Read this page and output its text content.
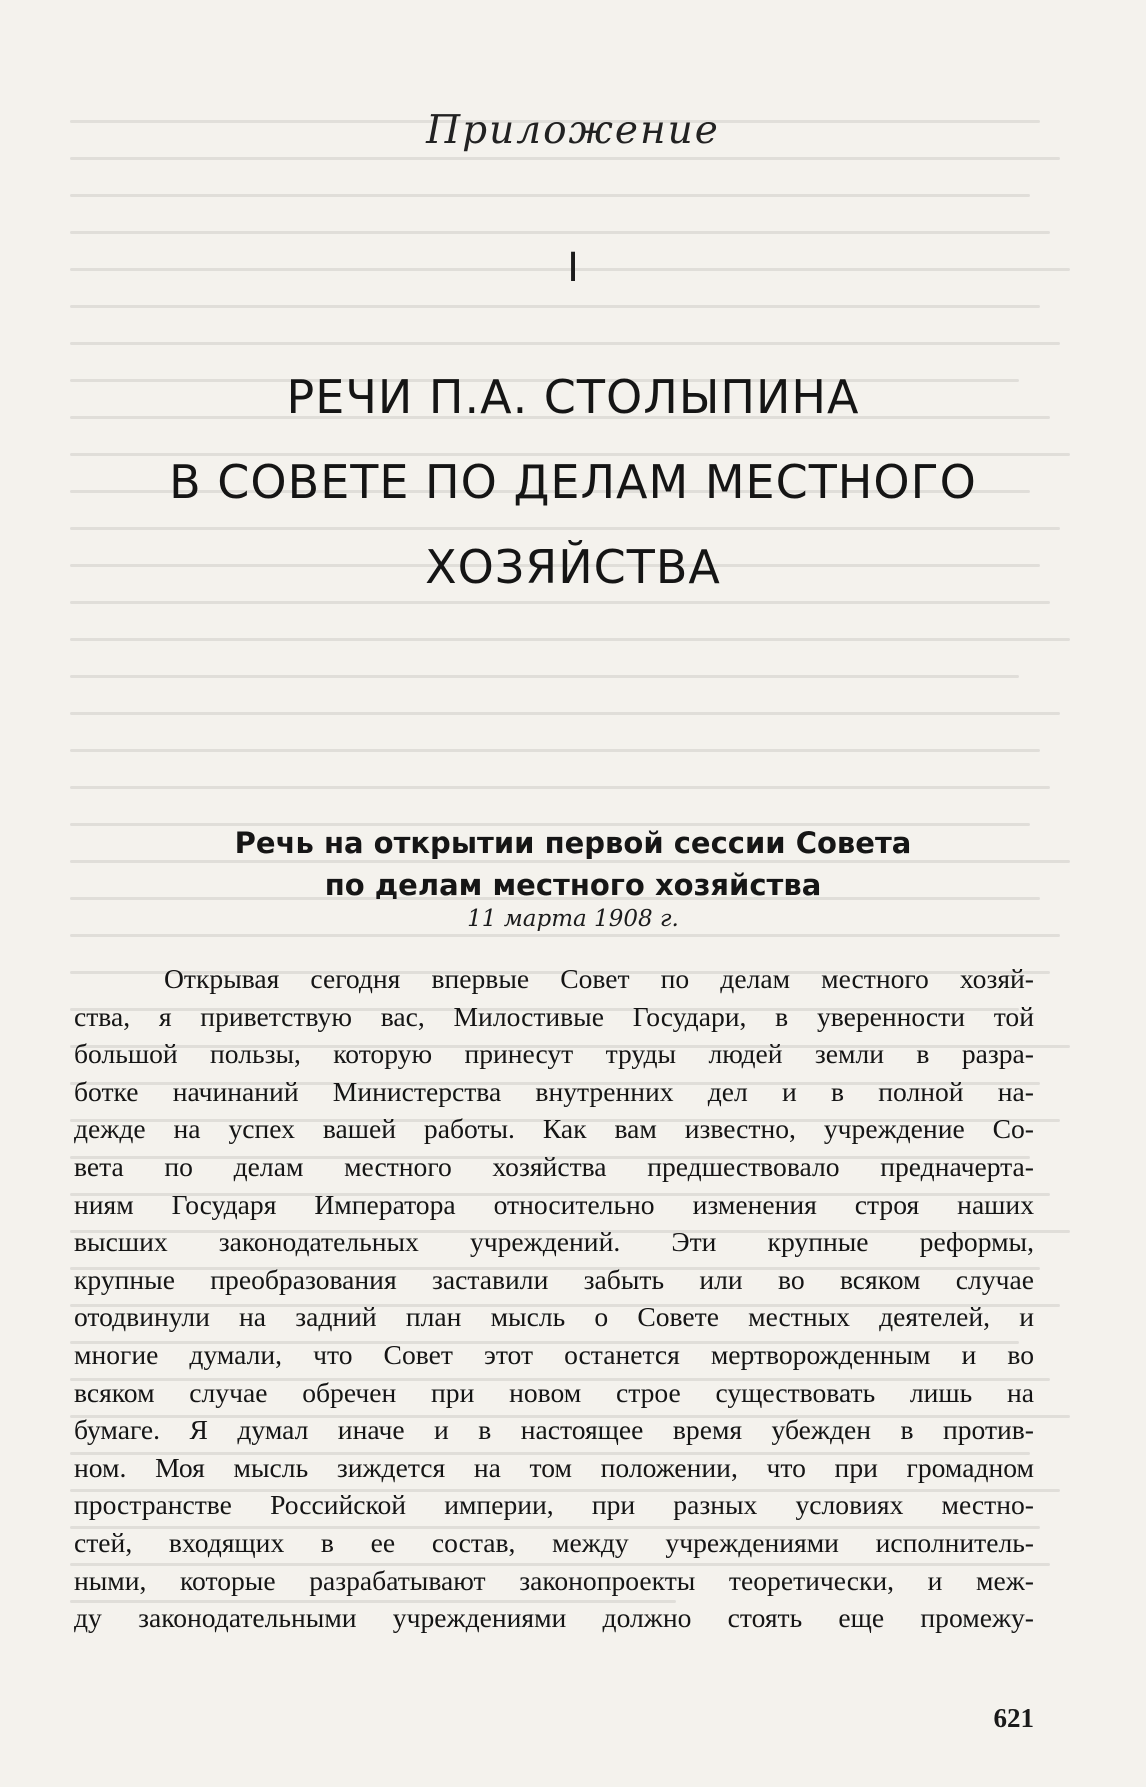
Приложение
I
РЕЧИ П.А. СТОЛЫПИНА
В СОВЕТЕ ПО ДЕЛАМ МЕСТНОГО
ХОЗЯЙСТВА
Речь на открытии первой сессии Совета
по делам местного хозяйства
11 марта 1908 г.
Открывая сегодня впервые Совет по делам местного хозяй-
ства, я приветствую вас, Милостивые Государи, в уверенности той
большой пользы, которую принесут труды людей земли в разра-
ботке начинаний Министерства внутренних дел и в полной на-
дежде на успех вашей работы. Как вам известно, учреждение Со-
вета по делам местного хозяйства предшествовало предначерта-
ниям Государя Императора относительно изменения строя наших
высших законодательных учреждений. Эти крупные реформы,
крупные преобразования заставили забыть или во всяком случае
отодвинули на задний план мысль о Совете местных деятелей, и
многие думали, что Совет этот останется мертворожденным и во
всяком случае обречен при новом строе существовать лишь на
бумаге. Я думал иначе и в настоящее время убежден в против-
ном. Моя мысль зиждется на том положении, что при громадном
пространстве Российской империи, при разных условиях местно-
стей, входящих в ее состав, между учреждениями исполнитель-
ными, которые разрабатывают законопроекты теоретически, и меж-
ду законодательными учреждениями должно стоять еще промежу-
621
